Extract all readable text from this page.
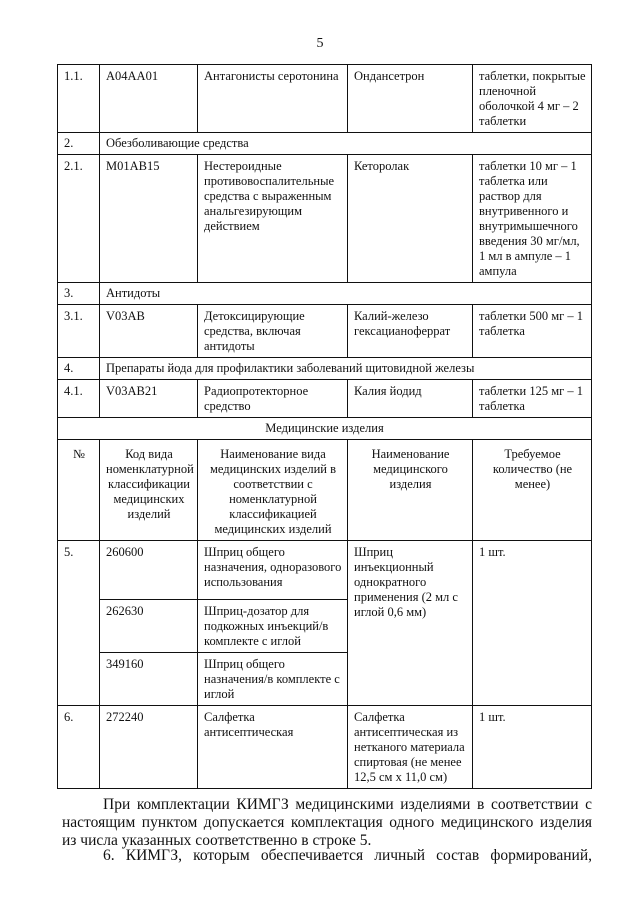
5
1.1.	A04AA01	Антагонисты серотонина	Ондансетрон	таблетки, покрытые пленочной оболочкой 4 мг – 2 таблетки
2.	Обезболивающие средства			
2.1.	M01AB15	Нестероидные противовоспалительные средства с выраженным анальгезирующим действием	Кеторолак	таблетки 10 мг – 1 таблетка или раствор для внутривенного и внутримышечного введения 30 мг/мл, 1 мл в ампуле – 1 ампула
3.	Антидоты			
3.1.	V03AB	Детоксицирующие средства, включая антидоты	Калий-железо гексацианоферрат	таблетки 500 мг – 1 таблетка
4.	Препараты йода для профилактики заболеваний щитовидной железы			
4.1.	V03AB21	Радиопротекторное средство	Калия йодид	таблетки 125 мг – 1 таблетка
Медицинские изделия				
№	Код вида номенклатурной классификации медицинских изделий	Наименование вида медицинских изделий в соответствии с номенклатурной классификацией медицинских изделий	Наименование медицинского изделия	Требуемое количество (не менее)
5.	260600	Шприц общего назначения, одноразового использования	Шприц инъекционный однократного применения (2 мл с иглой 0,6 мм)	1 шт.
	262630	Шприц-дозатор для подкожных инъекций/в комплекте с иглой		
	349160	Шприц общего назначения/в комплекте с иглой		
6.	272240	Салфетка антисептическая	Салфетка антисептическая из нетканого материала спиртовая (не менее 12,5 см х 11,0 см)	1 шт.
При комплектации КИМГЗ медицинскими изделиями в соответствии с настоящим пунктом допускается комплектация одного медицинского изделия из числа указанных соответственно в строке 5.
6. КИМГЗ, которым обеспечивается личный состав формирований,
